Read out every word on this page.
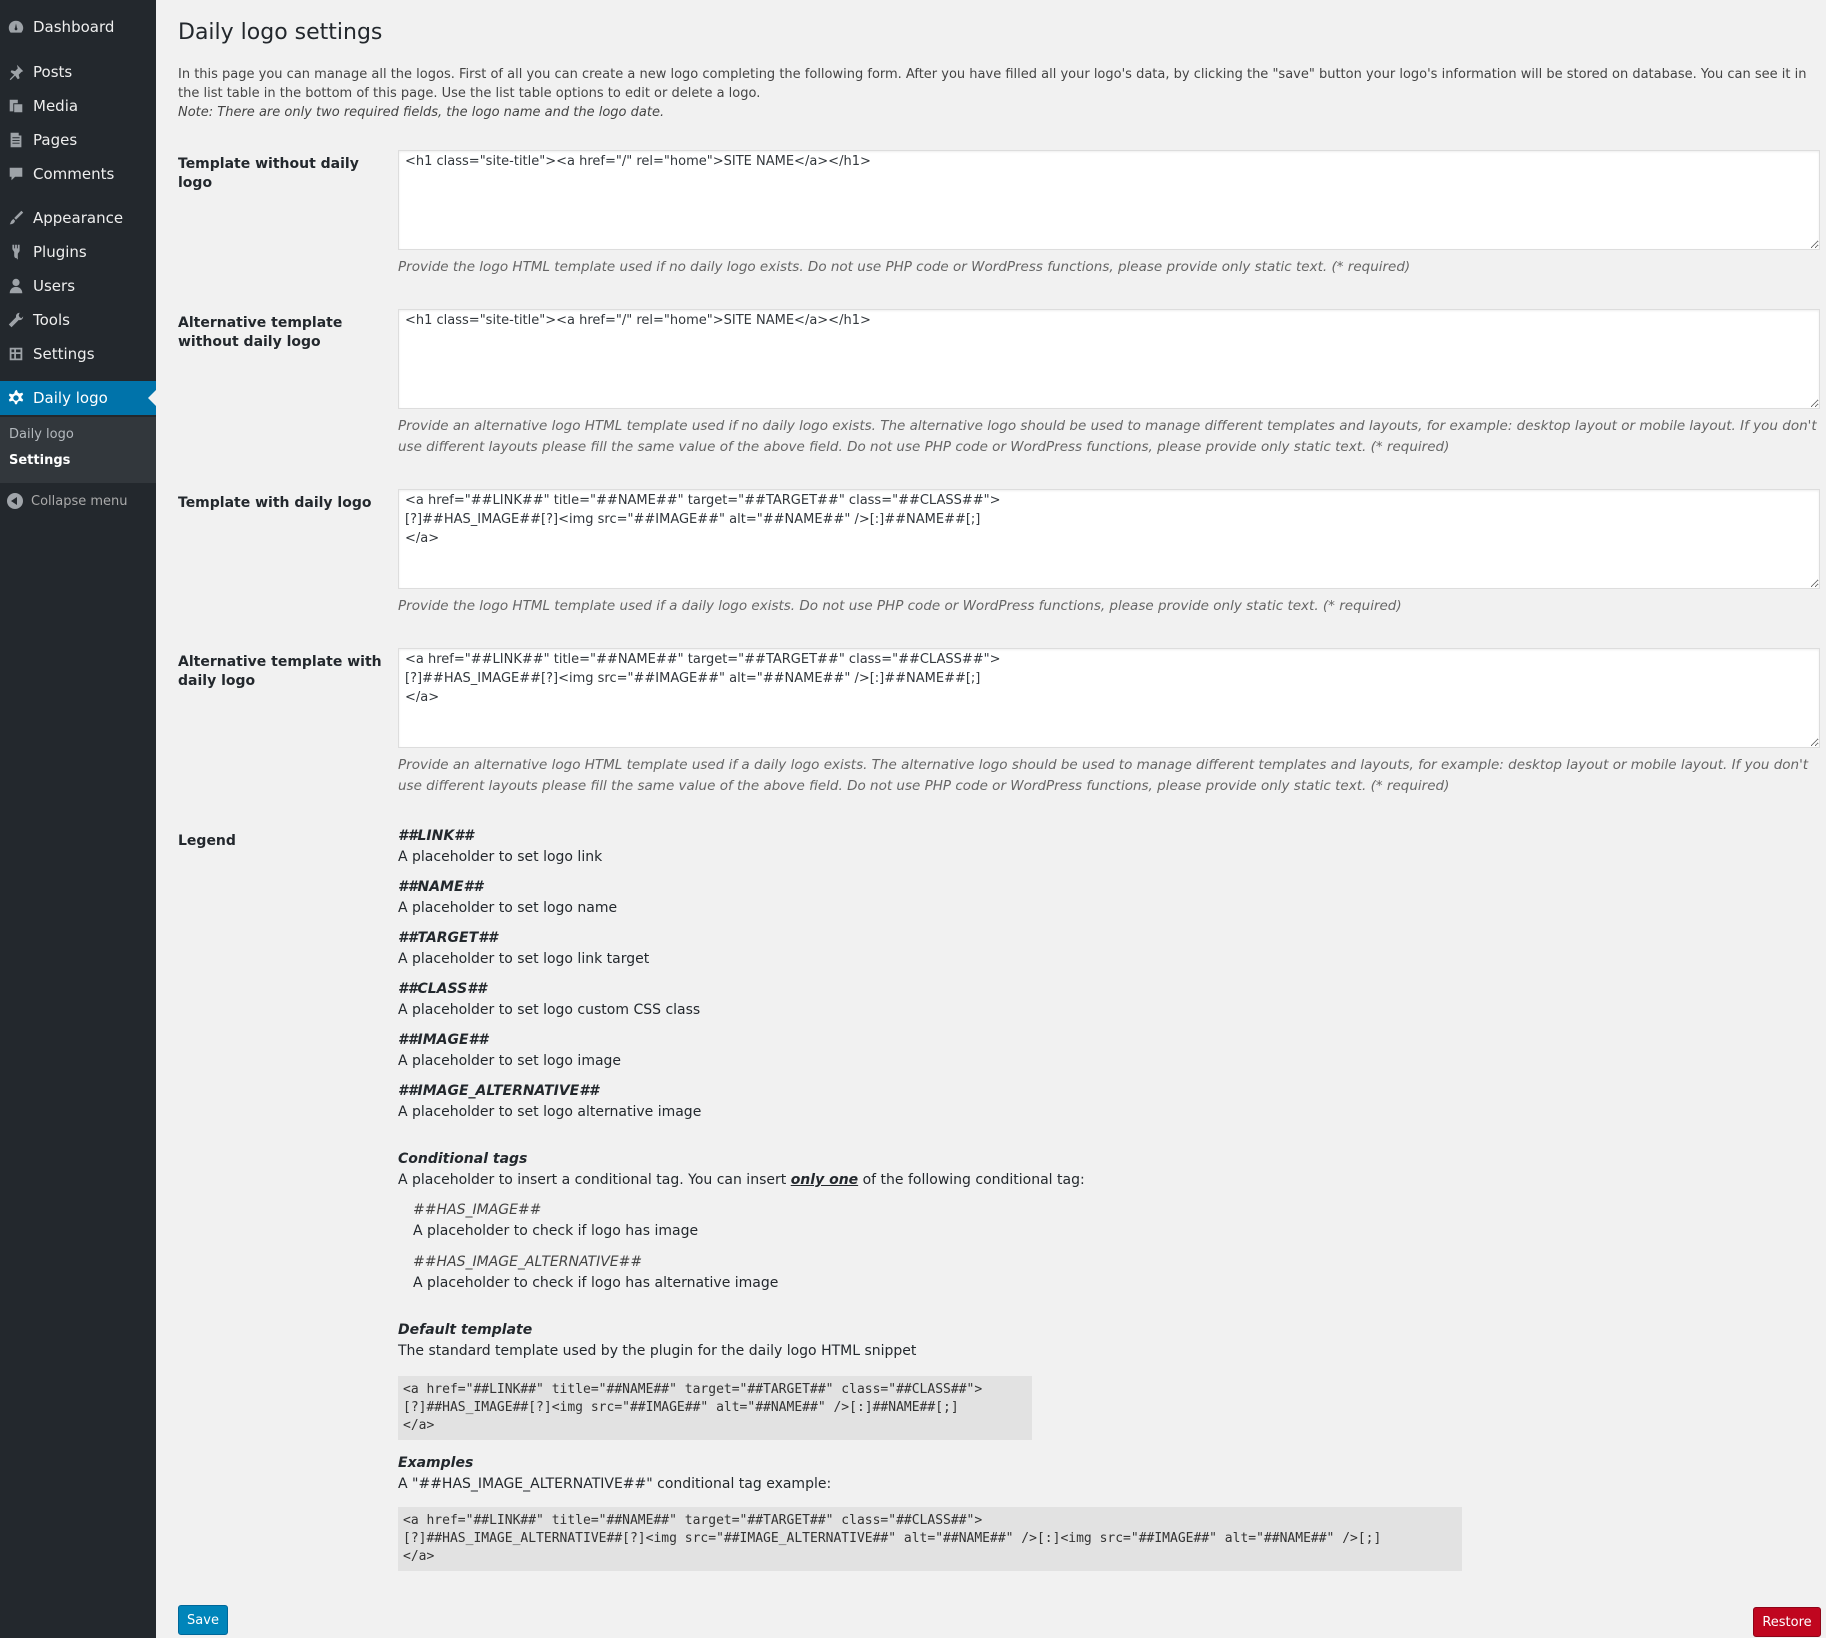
Dashboard
Posts
Media
Pages
Comments
Appearance
Plugins
Users
Tools
Settings
Daily logo
Daily logo
Settings
Collapse menu
Daily logo settings

In this page you can manage all the logos. First of all you can create a new logo completing the following form. After you have filled all your logo's data, by clicking the "save" button your logo's information will be stored on database. You can see it in the list table in the bottom of this page. Use the list table options to edit or delete a logo.
Note: There are only two required fields, the logo name and the logo date.

Template without daily logo
<h1 class="site-title"><a href="/" rel="home">SITE NAME</a></h1>

Provide the logo HTML template used if no daily logo exists. Do not use PHP code or WordPress functions, please provide only static text. (* required)

Alternative template without daily logo
<h1 class="site-title"><a href="/" rel="home">SITE NAME</a></h1>

Provide an alternative logo HTML template used if no daily logo exists. The alternative logo should be used to manage different templates and layouts, for example: desktop layout or mobile layout. If you don't use different layouts please fill the same value of the above field. Do not use PHP code or WordPress functions, please provide only static text. (* required)

Template with daily logo
<a href="##LINK##" title="##NAME##" target="##TARGET##" class="##CLASS##"> [?]##HAS_IMAGE##[?]<img src="##IMAGE##" alt="##NAME##" />[:]##NAME##[;] </a>

Provide the logo HTML template used if a daily logo exists. Do not use PHP code or WordPress functions, please provide only static text. (* required)

Alternative template with daily logo
<a href="##LINK##" title="##NAME##" target="##TARGET##" class="##CLASS##"> [?]##HAS_IMAGE##[?]<img src="##IMAGE##" alt="##NAME##" />[:]##NAME##[;] </a>

Provide an alternative logo HTML template used if a daily logo exists. The alternative logo should be used to manage different templates and layouts, for example: desktop layout or mobile layout. If you don't use different layouts please fill the same value of the above field. Do not use PHP code or WordPress functions, please provide only static text. (* required)

Legend	##LINK##
A placeholder to set logo link
##NAME##
A placeholder to set logo name
##TARGET##
A placeholder to set logo link target
##CLASS##
A placeholder to set logo custom CSS class
##IMAGE##
A placeholder to set logo image
##IMAGE_ALTERNATIVE##
A placeholder to set logo alternative image
Conditional tags
A placeholder to insert a conditional tag. You can insert only one of the following conditional tag:
##HAS_IMAGE##
A placeholder to check if logo has image
##HAS_IMAGE_ALTERNATIVE##
A placeholder to check if logo has alternative image
Default template
The standard template used by the plugin for the daily logo HTML snippet
<a href="##LINK##" title="##NAME##" target="##TARGET##" class="##CLASS##">
[?]##HAS_IMAGE##[?]<img src="##IMAGE##" alt="##NAME##" />[:]##NAME##[;]
</a>
Examples
A "##HAS_IMAGE_ALTERNATIVE##" conditional tag example:
<a href="##LINK##" title="##NAME##" target="##TARGET##" class="##CLASS##">
[?]##HAS_IMAGE_ALTERNATIVE##[?]<img src="##IMAGE_ALTERNATIVE##" alt="##NAME##" />[:]<img src="##IMAGE##" alt="##NAME##" />[;]
</a>
Save	Restore
